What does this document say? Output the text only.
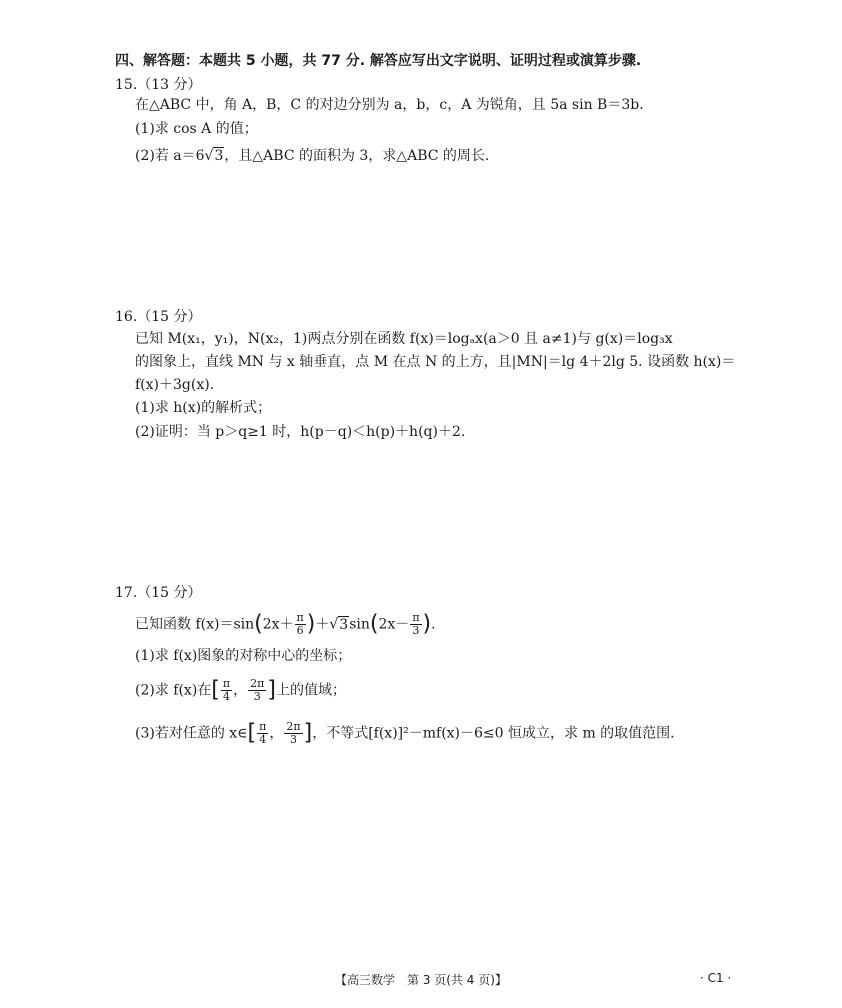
四、解答题：本题共 5 小题，共 77 分. 解答应写出文字说明、证明过程或演算步骤.
15.（13 分）
在△ABC 中，角 A，B，C 的对边分别为 a，b，c，A 为锐角，且 5a sin B＝3b.
(1)求 cos A 的值；
(2)若 a＝6√3，且△ABC 的面积为 3，求△ABC 的周长.
16.（15 分）
已知 M(x₁，y₁)，N(x₂，1)两点分别在函数 f(x)＝logₐx(a＞0 且 a≠1)与 g(x)＝log₃x
的图象上，直线 MN 与 x 轴垂直，点 M 在点 N 的上方，且|MN|＝lg 4＋2lg 5. 设函数 h(x)＝
f(x)＋3g(x).
(1)求 h(x)的解析式；
(2)证明：当 p＞q≥1 时，h(p－q)＜h(p)＋h(q)＋2.
17.（15 分）
已知函数 $f(x)=\sin(2x+ \frac{\pi}{6} )+√3\sin(2x- \frac{\pi}{3}$ ).
(1)求 f(x)图象的对称中心的坐标；
(2)求 f(x)在[ $\frac{\pi}{4}$ ， $\frac{2\pi}{3}$ ]上的值域；
(3)若对任意的 x∈[ $\frac{\pi}{4}$ ， $\frac{2\pi}{3}$ ]，不等式[f(x)]²－mf(x)－6≤0 恒成立，求 m 的取值范围.
【高三数学　第 3 页(共 4 页)】	· C1 ·
